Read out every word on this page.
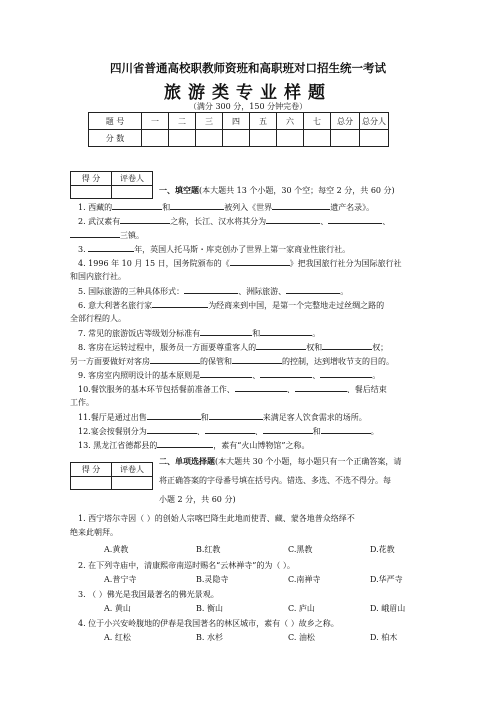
四川省普通高校职教师资班和高职班对口招生统一考试
旅游类专业样题
（满分 300 分，150 分钟完卷）
题 号	一	二	三	四	五	六	七	总分	总分人
分 数									
得 分	评卷人

一、填空题(本大题共 13 个小题，30 个空；每空 2 分，共 60 分)
1. 西藏的	和	被列入《世界	遗产名录》。
2. 武汉素有	之称，长江、汉水将其分为	、	、
三镇。
3.	年，英国人托马斯・库克创办了世界上第一家商业性旅行社。
4. 1996 年 10 月 15 日，国务院颁布的《	》把我国旅行社分为国际旅行社
和国内旅行社。
5. 国际旅游的三种具体形式：	、洲际旅游、	。
6. 意大利著名旅行家	为经商来到中国，是第一个完整地走过丝绸之路的
全部行程的人。
7. 常见的旅游饭店等级划分标准有	和	。
8. 客房在运转过程中，服务员一方面要尊重客人的	权和	权；
另一方面要做好对客房	的保管和	的控制，达到增收节支的目的。
9. 客房室内照明设计的基本原则是	、	、	。
10.餐饮服务的基本环节包括餐前准备工作、	、	、餐后结束
工作。
11.餐厅是通过出售	和	来满足客人饮食需求的场所。
12.宴会按餐别分为	、	、	和	。
13. 黑龙江省德都县的	，素有“火山博物馆”之称。
得 分	评卷人

二、单项选择题(本大题共 30 个小题，每小题只有一个正确答案，请
将正确答案的字母番号填在括号内。错选、多选、不选不得分。每
小题 2 分，共 60 分)
1. 西宁塔尔寺因（ ）的创始人宗喀巴降生此地而使青、藏、蒙各地普众络绎不
绝来此朝拜。
A.黄教	B.红教	C.黑教	D.花教
2. 在下列寺庙中，清康熙帝南巡时赐名“云林禅寺”的为（ ）。
A.普宁寺	B.灵隐寺	C.南禅寺	D.华严寺
3. （ ）佛光是我国最著名的佛光景观。
A. 黄山	B. 衡山	C. 庐山	D. 峨眉山
4. 位于小兴安岭腹地的伊春是我国著名的林区城市，素有（ ）故乡之称。
A. 红松	B. 水杉	C. 油松	D. 柏木
